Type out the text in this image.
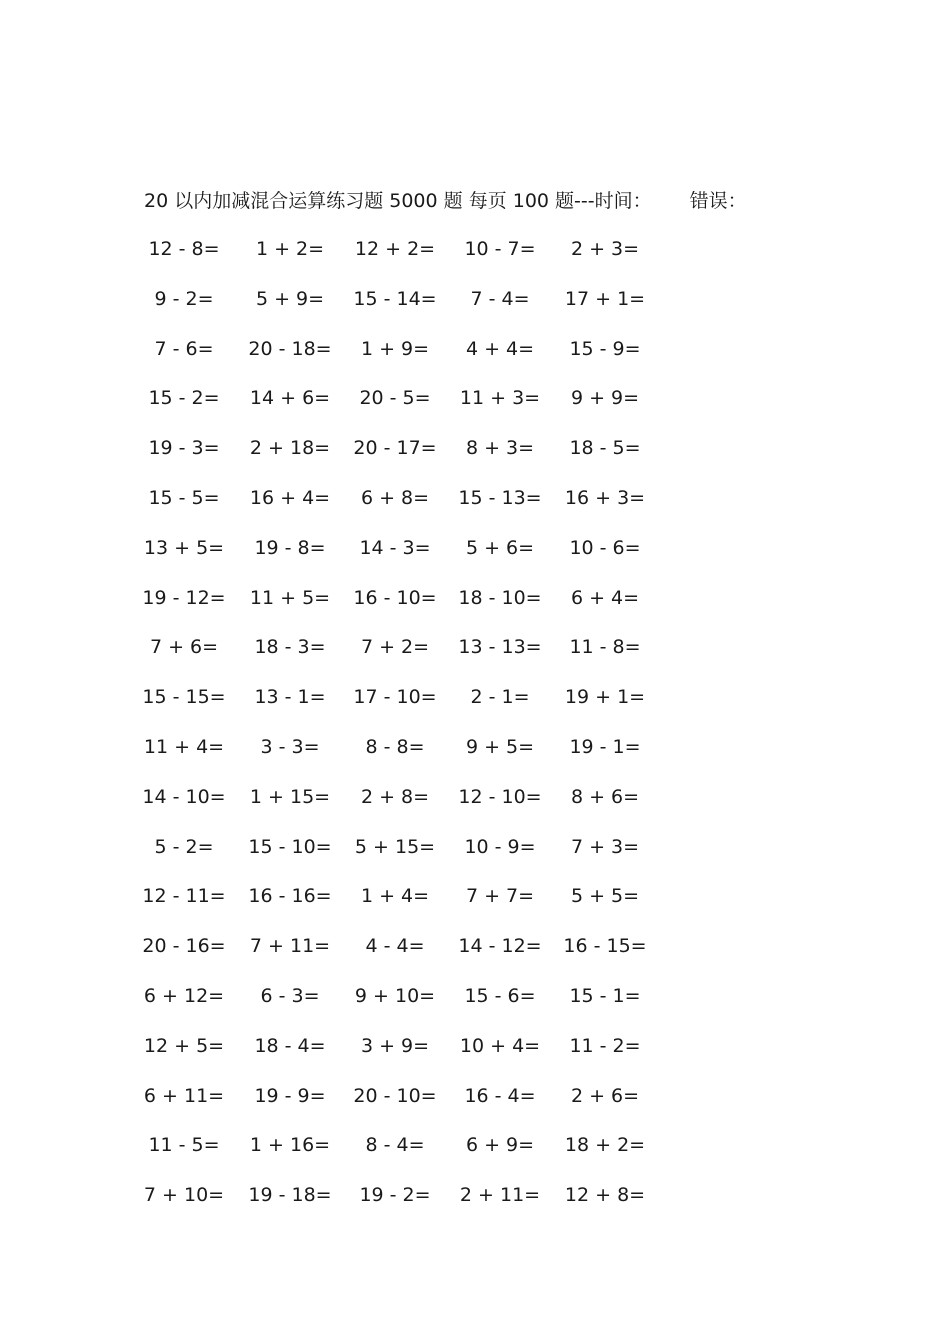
20 以内加减混合运算练习题 5000 题 每页 100 题---时间： 错误：
12 - 8= 1 + 2= 12 + 2= 10 - 7= 2 + 3=
9 - 2= 5 + 9= 15 - 14= 7 - 4= 17 + 1=
7 - 6= 20 - 18= 1 + 9= 4 + 4= 15 - 9=
15 - 2= 14 + 6= 20 - 5= 11 + 3= 9 + 9=
19 - 3= 2 + 18= 20 - 17= 8 + 3= 18 - 5=
15 - 5= 16 + 4= 6 + 8= 15 - 13= 16 + 3=
13 + 5= 19 - 8= 14 - 3= 5 + 6= 10 - 6=
19 - 12= 11 + 5= 16 - 10= 18 - 10= 6 + 4=
7 + 6= 18 - 3= 7 + 2= 13 - 13= 11 - 8=
15 - 15= 13 - 1= 17 - 10= 2 - 1= 19 + 1=
11 + 4= 3 - 3= 8 - 8= 9 + 5= 19 - 1=
14 - 10= 1 + 15= 2 + 8= 12 - 10= 8 + 6=
5 - 2= 15 - 10= 5 + 15= 10 - 9= 7 + 3=
12 - 11= 16 - 16= 1 + 4= 7 + 7= 5 + 5=
20 - 16= 7 + 11= 4 - 4= 14 - 12= 16 - 15=
6 + 12= 6 - 3= 9 + 10= 15 - 6= 15 - 1=
12 + 5= 18 - 4= 3 + 9= 10 + 4= 11 - 2=
6 + 11= 19 - 9= 20 - 10= 16 - 4= 2 + 6=
11 - 5= 1 + 16= 8 - 4= 6 + 9= 18 + 2=
7 + 10= 19 - 18= 19 - 2= 2 + 11= 12 + 8=
